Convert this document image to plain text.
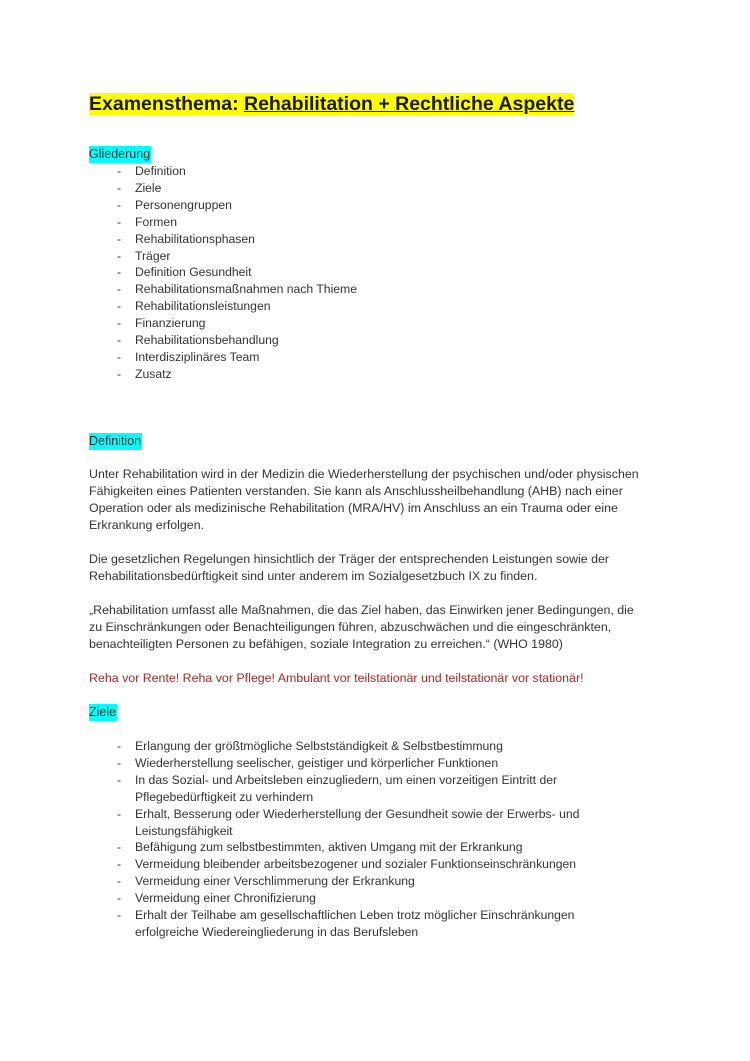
Examensthema: Rehabilitation + Rechtliche Aspekte
Gliederung
- Definition
- Ziele
- Personengruppen
- Formen
- Rehabilitationsphasen
- Träger
- Definition Gesundheit
- Rehabilitationsmaßnahmen nach Thieme
- Rehabilitationsleistungen
- Finanzierung
- Rehabilitationsbehandlung
- Interdisziplinäres Team
- Zusatz
Definition
Unter Rehabilitation wird in der Medizin die Wiederherstellung der psychischen und/oder physischen
Fähigkeiten eines Patienten verstanden. Sie kann als Anschlussheilbehandlung (AHB) nach einer
Operation oder als medizinische Rehabilitation (MRA/HV) im Anschluss an ein Trauma oder eine
Erkrankung erfolgen.
Die gesetzlichen Regelungen hinsichtlich der Träger der entsprechenden Leistungen sowie der
Rehabilitationsbedürftigkeit sind unter anderem im Sozialgesetzbuch IX zu finden.
„Rehabilitation umfasst alle Maßnahmen, die das Ziel haben, das Einwirken jener Bedingungen, die
zu Einschränkungen oder Benachteiligungen führen, abzuschwächen und die eingeschränkten,
benachteiligten Personen zu befähigen, soziale Integration zu erreichen.“ (WHO 1980)
Reha vor Rente! Reha vor Pflege! Ambulant vor teilstationär und teilstationär vor stationär!
Ziele
- Erlangung der größtmögliche Selbstständigkeit & Selbstbestimmung
- Wiederherstellung seelischer, geistiger und körperlicher Funktionen
- In das Sozial- und Arbeitsleben einzugliedern, um einen vorzeitigen Eintritt der
Pflegebedürftigkeit zu verhindern
- Erhalt, Besserung oder Wiederherstellung der Gesundheit sowie der Erwerbs- und
Leistungsfähigkeit
- Befähigung zum selbstbestimmten, aktiven Umgang mit der Erkrankung
- Vermeidung bleibender arbeitsbezogener und sozialer Funktionseinschränkungen
- Vermeidung einer Verschlimmerung der Erkrankung
- Vermeidung einer Chronifizierung
- Erhalt der Teilhabe am gesellschaftlichen Leben trotz möglicher Einschränkungen
erfolgreiche Wiedereingliederung in das Berufsleben
